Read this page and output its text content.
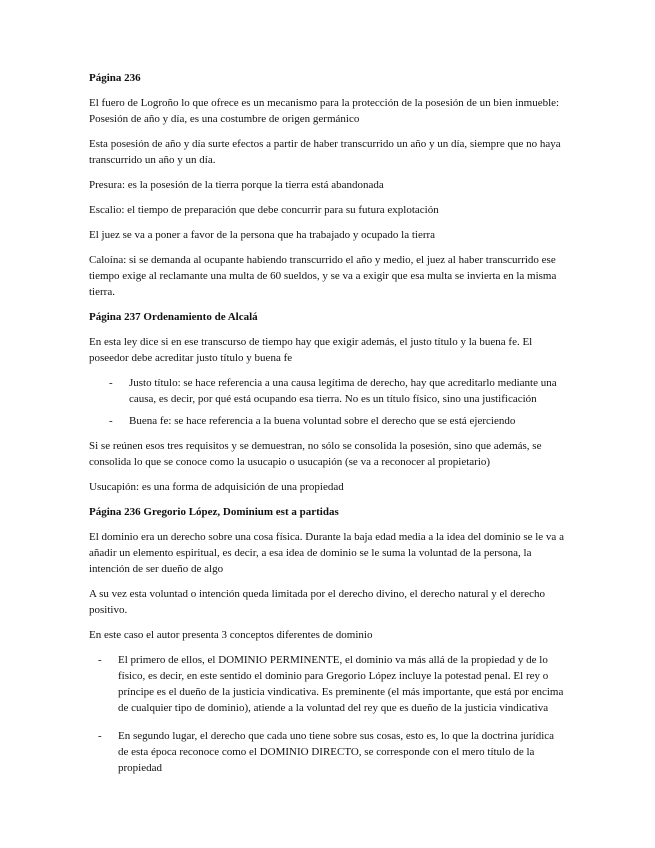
Página 236

El fuero de Logroño lo que ofrece es un mecanismo para la protección de la posesión de un bien inmueble: Posesión de año y día, es una costumbre de origen germánico

Esta posesión de año y día surte efectos a partir de haber transcurrido un año y un día, siempre que no haya transcurrido un año y un día.

Presura: es la posesión de la tierra porque la tierra está abandonada

Escalio: el tiempo de preparación que debe concurrir para su futura explotación

El juez se va a poner a favor de la persona que ha trabajado y ocupado la tierra

Caloína: si se demanda al ocupante habiendo transcurrido el año y medio, el juez al haber transcurrido ese tiempo exige al reclamante una multa de 60 sueldos, y se va a exigir que esa multa se invierta en la misma tierra.

Página 237 Ordenamiento de Alcalá

En esta ley dice si en ese transcurso de tiempo hay que exigir además, el justo título y la buena fe. El poseedor debe acreditar justo título y buena fe

- Justo título: se hace referencia a una causa legítima de derecho, hay que acreditarlo mediante una causa, es decir, por qué está ocupando esa tierra. No es un título físico, sino una justificación
- Buena fe: se hace referencia a la buena voluntad sobre el derecho que se está ejerciendo

Si se reúnen esos tres requisitos y se demuestran, no sólo se consolida la posesión, sino que además, se consolida lo que se conoce como la usucapio o usucapión (se va a reconocer al propietario)

Usucapión: es una forma de adquisición de una propiedad

Página 236 Gregorio López, Dominium est a partidas

El dominio era un derecho sobre una cosa física. Durante la baja edad media a la idea del dominio se le va a añadir un elemento espiritual, es decir, a esa idea de dominio se le suma la voluntad de la persona, la intención de ser dueño de algo

A su vez esta voluntad o intención queda limitada por el derecho divino, el derecho natural y el derecho positivo.

En este caso el autor presenta 3 conceptos diferentes de dominio

- El primero de ellos, el DOMINIO PERMINENTE, el dominio va más allá de la propiedad y de lo físico, es decir, en este sentido el dominio para Gregorio López incluye la potestad penal. El rey o príncipe es el dueño de la justicia vindicativa. Es preminente (el más importante, que está por encima de cualquier tipo de dominio), atiende a la voluntad del rey que es dueño de la justicia vindicativa
- En segundo lugar, el derecho que cada uno tiene sobre sus cosas, esto es, lo que la doctrina jurídica de esta época reconoce como el DOMINIO DIRECTO, se corresponde con el mero título de la propiedad
